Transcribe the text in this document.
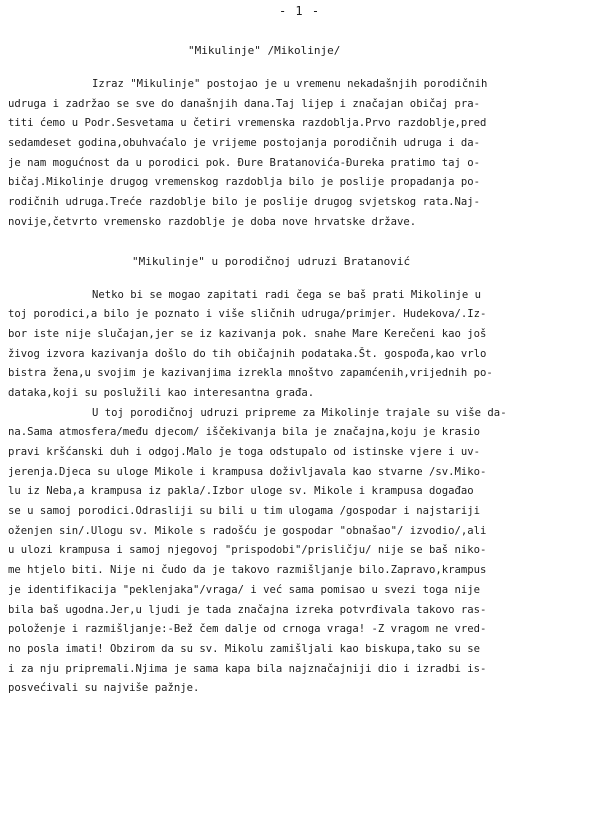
- 1 -
"Mikulinje" /Mikolinje/
Izraz "Mikulinje" postojao je u vremenu nekadašnjih porodičnih
udruga i zadržao se sve do današnjih dana.Taj lijep i značajan običaj pra-
titi ćemo u Podr.Sesvetama u četiri vremenska razdoblja.Prvo razdoblje,pred
sedamdeset godina,obuhvaćalo je vrijeme postojanja porodičnih udruga i da-
je nam mogućnost da u porodici pok. Đure Bratanovića-Đureka pratimo taj o-
bičaj.Mikolinje drugog vremenskog razdoblja bilo je poslije propadanja po-
rodičnih udruga.Treće razdoblje bilo je poslije drugog svjetskog rata.Naj-
novije,četvrto vremensko razdoblje je doba nove hrvatske države.
"Mikulinje" u porodičnoj udruzi Bratanović
Netko bi se mogao zapitati radi čega se baš prati Mikolinje u
toj porodici,a bilo je poznato i više sličnih udruga/primjer. Hudekova/.Iz-
bor iste nije slučajan,jer se iz kazivanja pok. snahe Mare Kerečeni kao još
živog izvora kazivanja došlo do tih običajnih podataka.Št. gospođa,kao vrlo
bistra žena,u svojim je kazivanjima izrekla mnoštvo zapamćenih,vrijednih po-
dataka,koji su poslužili kao interesantna građa.
U toj porodičnoj udruzi pripreme za Mikolinje trajale su više da-
na.Sama atmosfera/među djecom/ iščekivanja bila je značajna,koju je krasio
pravi kršćanski duh i odgoj.Malo je toga odstupalo od istinske vjere i uv-
jerenja.Djeca su uloge Mikole i krampusa doživljavala kao stvarne /sv.Miko-
lu iz Neba,a krampusa iz pakla/.Izbor uloge sv. Mikole i krampusa događao
se u samoj porodici.Odrasliji su bili u tim ulogama /gospodar i najstariji
oženjen sin/.Ulogu sv. Mikole s radošću je gospodar "obnašao"/ izvodio/,ali
u ulozi krampusa i samoj njegovoj "prispodobi"/prisličju/ nije se baš niko-
me htjelo biti. Nije ni čudo da je takovo razmišljanje bilo.Zapravo,krampus
je identifikacija "peklenjaka"/vraga/ i već sama pomisao u svezi toga nije
bila baš ugodna.Jer,u ljudi je tada značajna izreka potvrđivala takovo ras-
položenje i razmišljanje:-Bež čem dalje od crnoga vraga! -Z vragom ne vred-
no posla imati! Obzirom da su sv. Mikolu zamišljali kao biskupa,tako su se
i za nju pripremali.Njima je sama kapa bila najznačajniji dio i izradbi is-
posvećivali su najviše pažnje.
